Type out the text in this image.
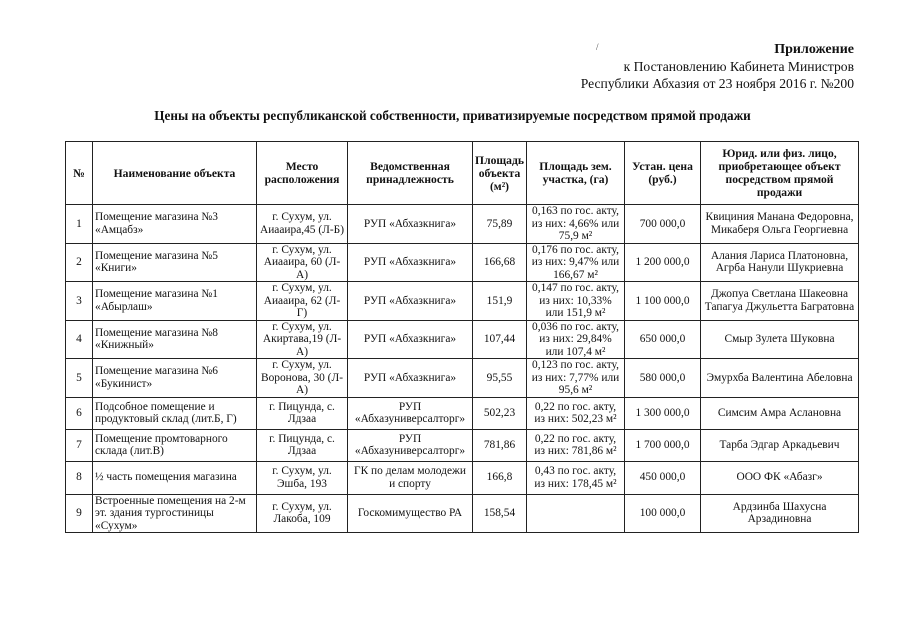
/	Приложение
к Постановлению Кабинета Министров
Республики Абхазия от 23 ноября 2016 г. №200
Цены на объекты республиканской собственности, приватизируемые посредством прямой продажи
№	Наименование объекта	Место расположения	Ведомственная принадлежность	Площадь объекта (м²)	Площадь зем. участка, (га)	Устан. цена (руб.)	Юрид. или физ. лицо, приобретающее объект посредством прямой продажи
1	Помещение магазина №3 «Амцабз»	г. Сухум, ул. Аиааира,45 (Л-Б)	РУП «Абхазкнига»	75,89	0,163 по гос. акту, из них: 4,66% или 75,9 м²	700 000,0	Квициния Манана Федоровна, Микаберя Ольга Георгиевна
2	Помещение магазина №5 «Книги»	г. Сухум, ул. Аиааира, 60 (Л-А)	РУП «Абхазкнига»	166,68	0,176 по гос. акту, из них: 9,47% или 166,67 м²	1 200 000,0	Алания Лариса Платоновна, Агрба Нанули Шукриевна
3	Помещение магазина №1 «Абырлаш»	г. Сухум, ул. Аиааира, 62 (Л-Г)	РУП «Абхазкнига»	151,9	0,147 по гос. акту, из них: 10,33% или 151,9 м²	1 100 000,0	Джопуа Светлана Шакеовна Тапагуа Джульетта Багратовна
4	Помещение магазина №8 «Книжный»	г. Сухум, ул. Акиртава,19 (Л-А)	РУП «Абхазкнига»	107,44	0,036 по гос. акту, из них: 29,84% или 107,4 м²	650 000,0	Смыр Зулета Шуковна
5	Помещение магазина №6 «Букинист»	г. Сухум, ул. Воронова, 30 (Л-А)	РУП «Абхазкнига»	95,55	0,123 по гос. акту, из них: 7,77% или 95,6 м²	580 000,0	Эмурхба Валентина Абеловна
6	Подсобное помещение и продуктовый склад (лит.Б, Г)	г. Пицунда, с. Лдзаа	РУП «Абхазуниверсалторг»	502,23	0,22 по гос. акту, из них: 502,23 м²	1 300 000,0	Симсим Амра Аслановна
7	Помещение промтоварного склада (лит.В)	г. Пицунда, с. Лдзаа	РУП «Абхазуниверсалторг»	781,86	0,22 по гос. акту, из них: 781,86 м²	1 700 000,0	Тарба Эдгар Аркадьевич
8	½ часть помещения магазина	г. Сухум, ул. Эшба, 193	ГК по делам молодежи и спорту	166,8	0,43 по гос. акту, из них: 178,45 м²	450 000,0	ООО ФК «Абазг»
9	Встроенные помещения на 2-м эт. здания тургостиницы «Сухум»	г. Сухум, ул. Лакоба, 109	Госкомимущество РА	158,54		100 000,0	Ардзинба Шахусна Арзадиновна
